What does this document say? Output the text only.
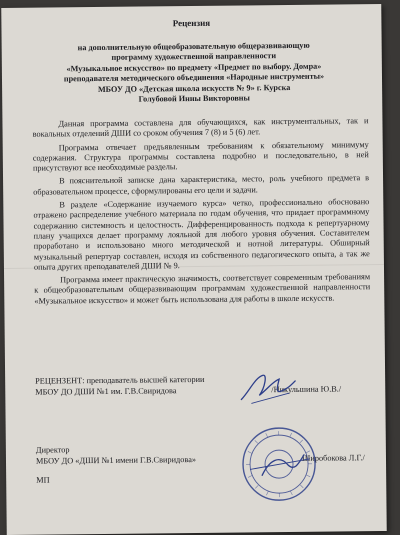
Рецензия
на дополнительную общеобразовательную общеразвивающую
программу художественной направленности
«Музыкальное искусство» по предмету «Предмет по выбору. Домра»
преподавателя методического объединения «Народные инструменты»
МБОУ ДО «Детская школа искусств № 9» г. Курска
Голубовой Инны Викторовны

Данная программа составлена для обучающихся, как инструментальных, так и вокальных отделений ДШИ со сроком обучения 7 (8) и 5 (6) лет.

Программа отвечает предъявленным требованиям к обязательному минимуму содержания. Структура программы составлена подробно и последовательно, в ней присутствуют все необходимые разделы.

В пояснительной записке дана характеристика, место, роль учебного предмета в образовательном процессе, сформулированы его цели и задачи.

В разделе «Содержание изучаемого курса» четко, профессионально обосновано отражено распределение учебного материала по годам обучения, что придает программному содержанию системность и целостность. Дифференцированность подхода к репертуарному плану учащихся делает программу лояльной для любого уровня обучения. Составителем проработано и использовано много методической и нотной литературы. Обширный музыкальный репертуар составлен, исходя из собственного педагогического опыта, а так же опыта других преподавателей ДШИ № 9.

Программа имеет практическую значимость, соответствует современным требованиям к общеобразовательным общеразвивающим программам художественной направленности «Музыкальное искусство» и может быть использована для работы в школе искусств.

РЕЦЕНЗЕНТ: преподаватель высшей категории
МБОУ ДО ДШИ №1 им. Г.В.Свиридова	/Никульшина Ю.В./
Директор
МБОУ ДО «ДШИ №1 имени Г.В.Свиридова»	Широбокова Л.Г./
МП
